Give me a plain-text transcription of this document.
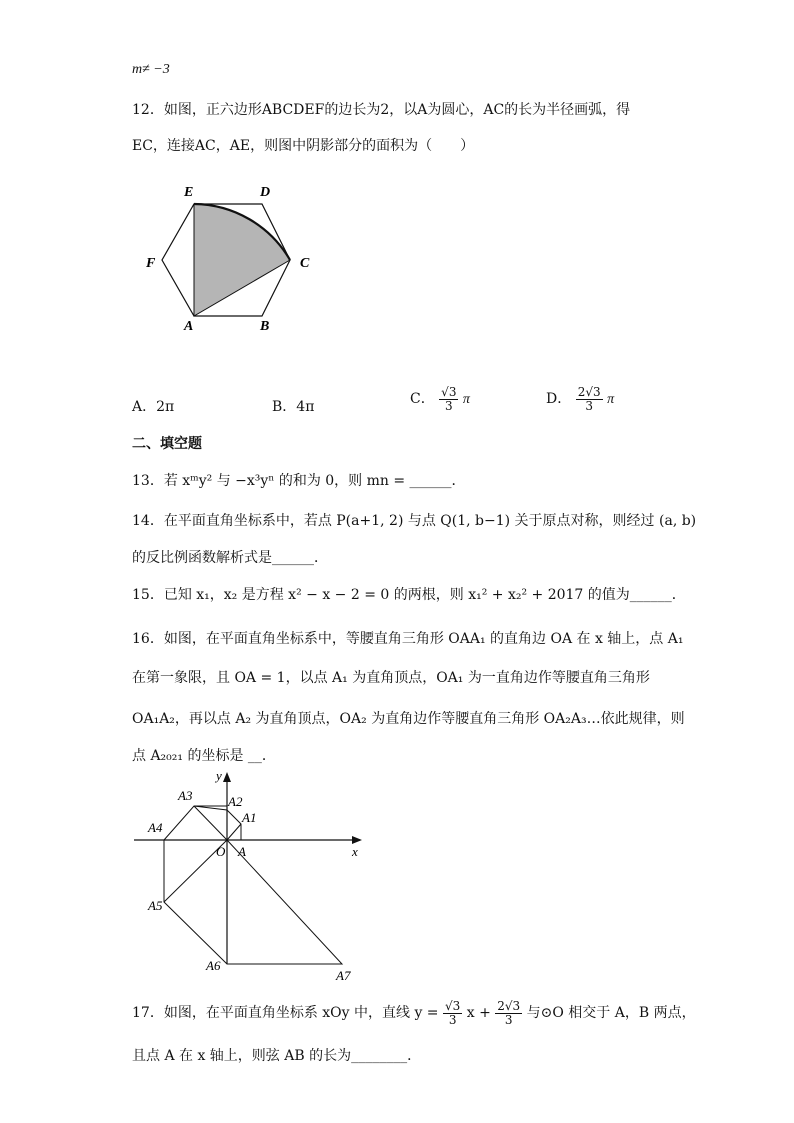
m≠ −3
12．如图，正六边形ABCDEF的边长为2，以A为圆心，AC的长为半径画弧，得
EC，连接AC，AE，则图中阴影部分的面积为（　　）
E	D
F	C
A	B
A．2π	B．4π	C． $\frac{√3}{3}$ π	D． $\frac{2√3}{3}$ π
二、填空题
13．若 xᵐy² 与 −x³yⁿ 的和为 0，则 mn = ______．
14．在平面直角坐标系中，若点 P(a+1, 2) 与点 Q(1, b−1) 关于原点对称，则经过 (a, b)
的反比例函数解析式是______．
15．已知 x₁，x₂ 是方程 x² − x − 2 = 0 的两根，则 x₁² + x₂² + 2017 的值为______．
16．如图，在平面直角坐标系中，等腰直角三角形 OAA₁ 的直角边 OA 在 x 轴上，点 A₁
在第一象限，且 OA = 1，以点 A₁ 为直角顶点，OA₁ 为一直角边作等腰直角三角形
OA₁A₂，再以点 A₂ 为直角顶点，OA₂ 为直角边作等腰直角三角形 OA₂A₃…依此规律，则
点 A₂₀₂₁ 的坐标是 __．
y
x
O A
A1
A2
A3
A4
A5
A6
A7
17．如图，在平面直角坐标系 xOy 中，直线 $y = \frac{√3}{3}$ $x + \frac{2√3}{3}$ 与⊙O 相交于 A，B 两点，
且点 A 在 x 轴上，则弦 AB 的长为________．
